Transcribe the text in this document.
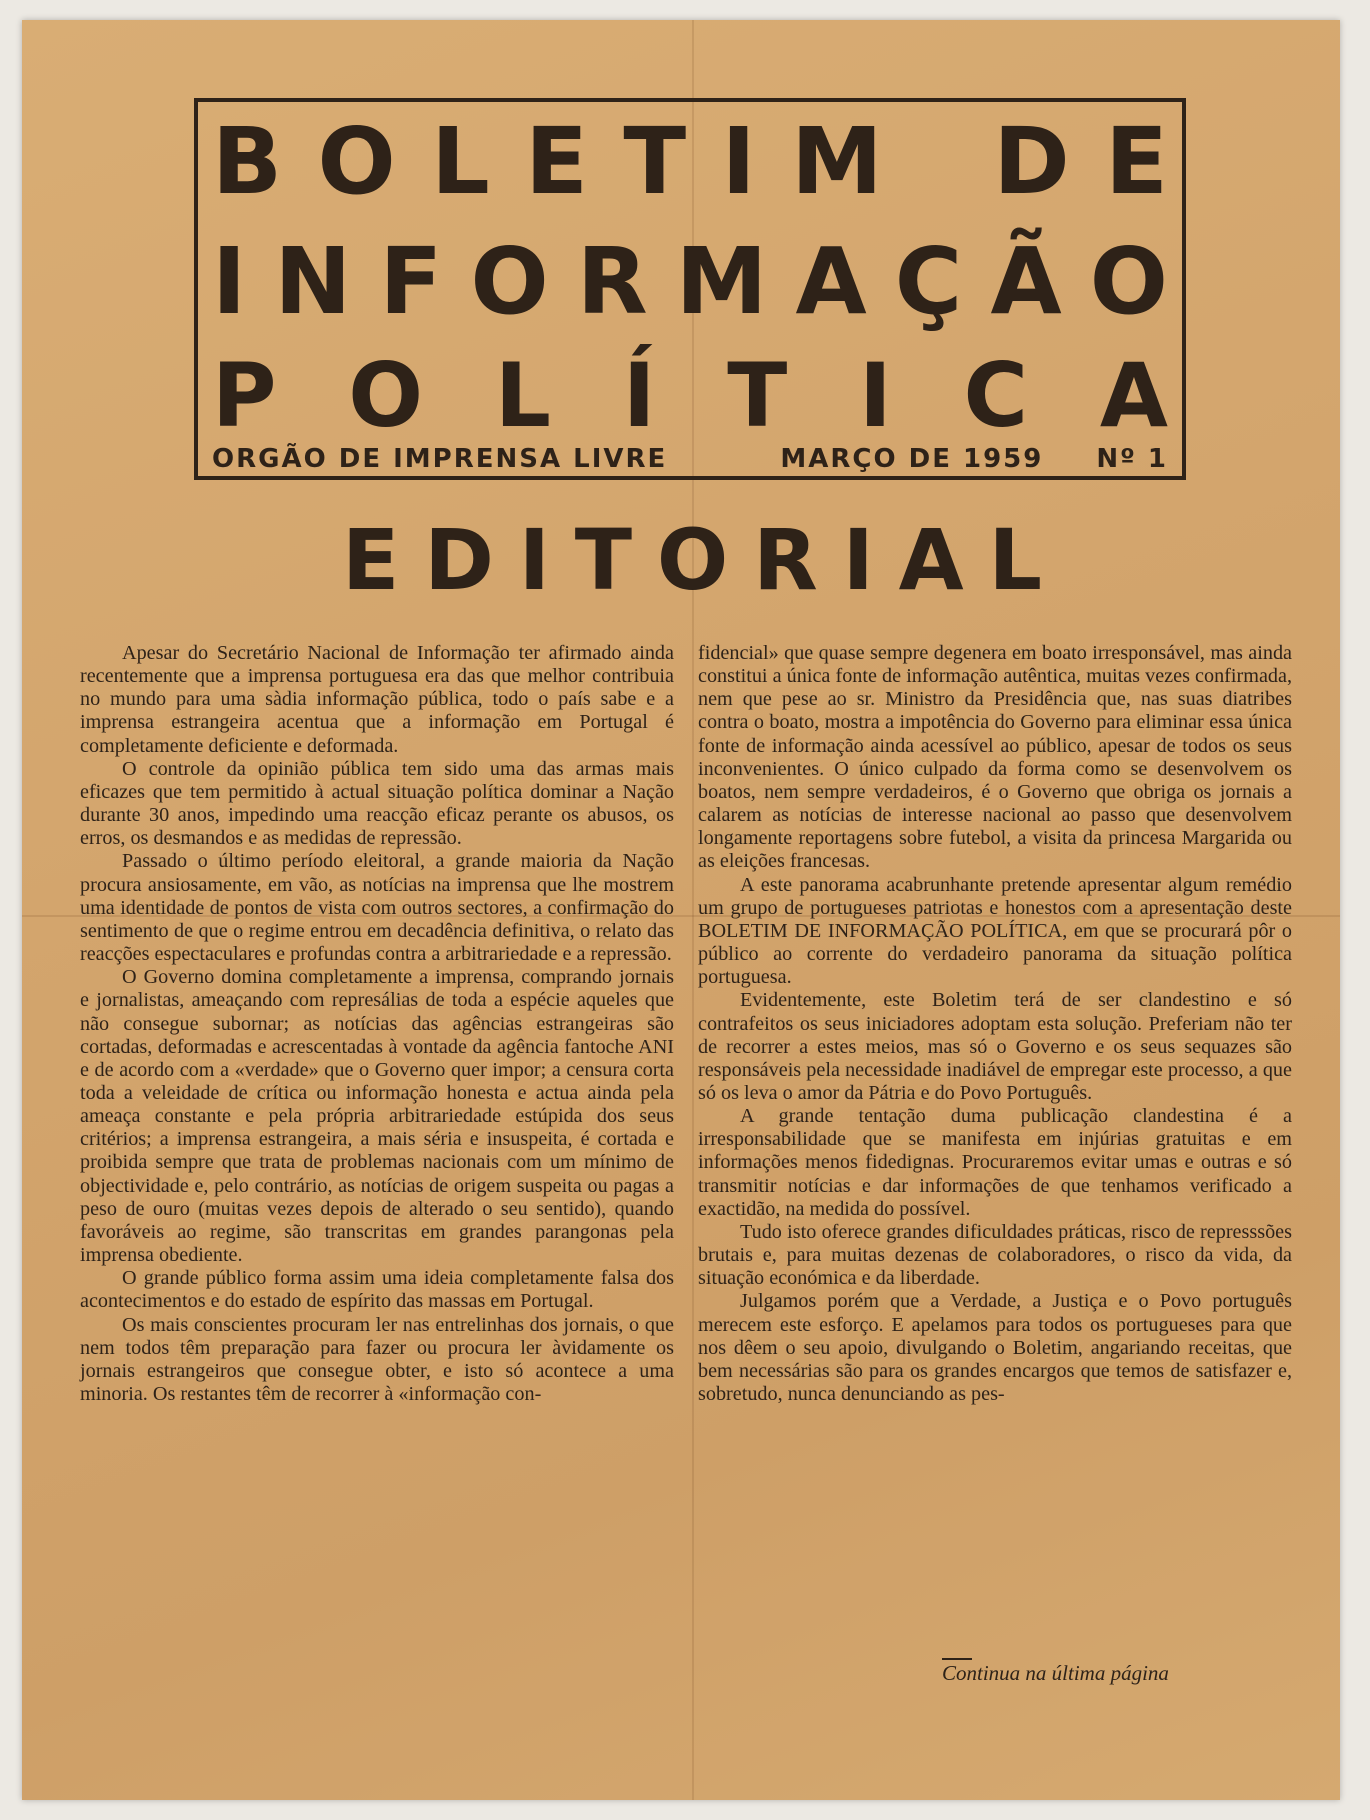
B O L E T I M D E
I N F O R M A Ç Ã O
P O L Í T I C A
ORGÃO DE IMPRENSA LIVRE	MARÇO DE 1959 Nº 1
E D I T O R I A L

Apesar do Secretário Nacional de Informação ter afirmado ainda recentemente que a imprensa portuguesa era das que melhor contribuia no mundo para uma sàdia informação pública, todo o país sabe e a imprensa estrangeira acentua que a informação em Portugal é completamente deficiente e deformada.

O controle da opinião pública tem sido uma das armas mais eficazes que tem permitido à actual situação política dominar a Nação durante 30 anos, impedindo uma reacção eficaz perante os abusos, os erros, os desmandos e as medidas de repressão.

Passado o último período eleitoral, a grande maioria da Nação procura ansiosamente, em vão, as notícias na imprensa que lhe mostrem uma identidade de pontos de vista com outros sectores, a confirmação do sentimento de que o regime entrou em decadência definitiva, o relato das reacções espectaculares e profundas contra a arbitrariedade e a repressão.

O Governo domina completamente a imprensa, comprando jornais e jornalistas, ameaçando com represálias de toda a espécie aqueles que não consegue subornar; as notícias das agências estrangeiras são cortadas, deformadas e acrescentadas à vontade da agência fantoche ANI e de acordo com a «verdade» que o Governo quer impor; a censura corta toda a veleidade de crítica ou informação honesta e actua ainda pela ameaça constante e pela própria arbitrariedade estúpida dos seus critérios; a imprensa estrangeira, a mais séria e insuspeita, é cortada e proibida sempre que trata de problemas nacionais com um mínimo de objectividade e, pelo contrário, as notícias de origem suspeita ou pagas a peso de ouro (muitas vezes depois de alterado o seu sentido), quando favoráveis ao regime, são transcritas em grandes parangonas pela imprensa obediente.

O grande público forma assim uma ideia completamente falsa dos acontecimentos e do estado de espírito das massas em Portugal.

Os mais conscientes procuram ler nas entrelinhas dos jornais, o que nem todos têm preparação para fazer ou procura ler àvidamente os jornais estrangeiros que consegue obter, e isto só acontece a uma minoria. Os restantes têm de recorrer à «informação con-

fidencial» que quase sempre degenera em boato irresponsável, mas ainda constitui a única fonte de informação autêntica, muitas vezes confirmada, nem que pese ao sr. Ministro da Presidência que, nas suas diatribes contra o boato, mostra a impotência do Governo para eliminar essa única fonte de informação ainda acessível ao público, apesar de todos os seus inconvenientes. O único culpado da forma como se desenvolvem os boatos, nem sempre verdadeiros, é o Governo que obriga os jornais a calarem as notícias de interesse nacional ao passo que desenvolvem longamente reportagens sobre futebol, a visita da princesa Margarida ou as eleições francesas.

A este panorama acabrunhante pretende apresentar algum remédio um grupo de portugueses patriotas e honestos com a apresentação deste BOLETIM DE INFORMAÇÃO POLÍTICA, em que se procurará pôr o público ao corrente do verdadeiro panorama da situação política portuguesa.

Evidentemente, este Boletim terá de ser clandestino e só contrafeitos os seus iniciadores adoptam esta solução. Preferiam não ter de recorrer a estes meios, mas só o Governo e os seus sequazes são responsáveis pela necessidade inadiável de empregar este processo, a que só os leva o amor da Pátria e do Povo Português.

A grande tentação duma publicação clandestina é a irresponsabilidade que se manifesta em injúrias gratuitas e em informações menos fidedignas. Procuraremos evitar umas e outras e só transmitir notícias e dar informações de que tenhamos verificado a exactidão, na medida do possível.

Tudo isto oferece grandes dificuldades práticas, risco de represssões brutais e, para muitas dezenas de colaboradores, o risco da vida, da situação económica e da liberdade.

Julgamos porém que a Verdade, a Justiça e o Povo português merecem este esforço. E apelamos para todos os portugueses para que nos dêem o seu apoio, divulgando o Boletim, angariando receitas, que bem necessárias são para os grandes encargos que temos de satisfazer e, sobretudo, nunca denunciando as pes-

Continua na última página
